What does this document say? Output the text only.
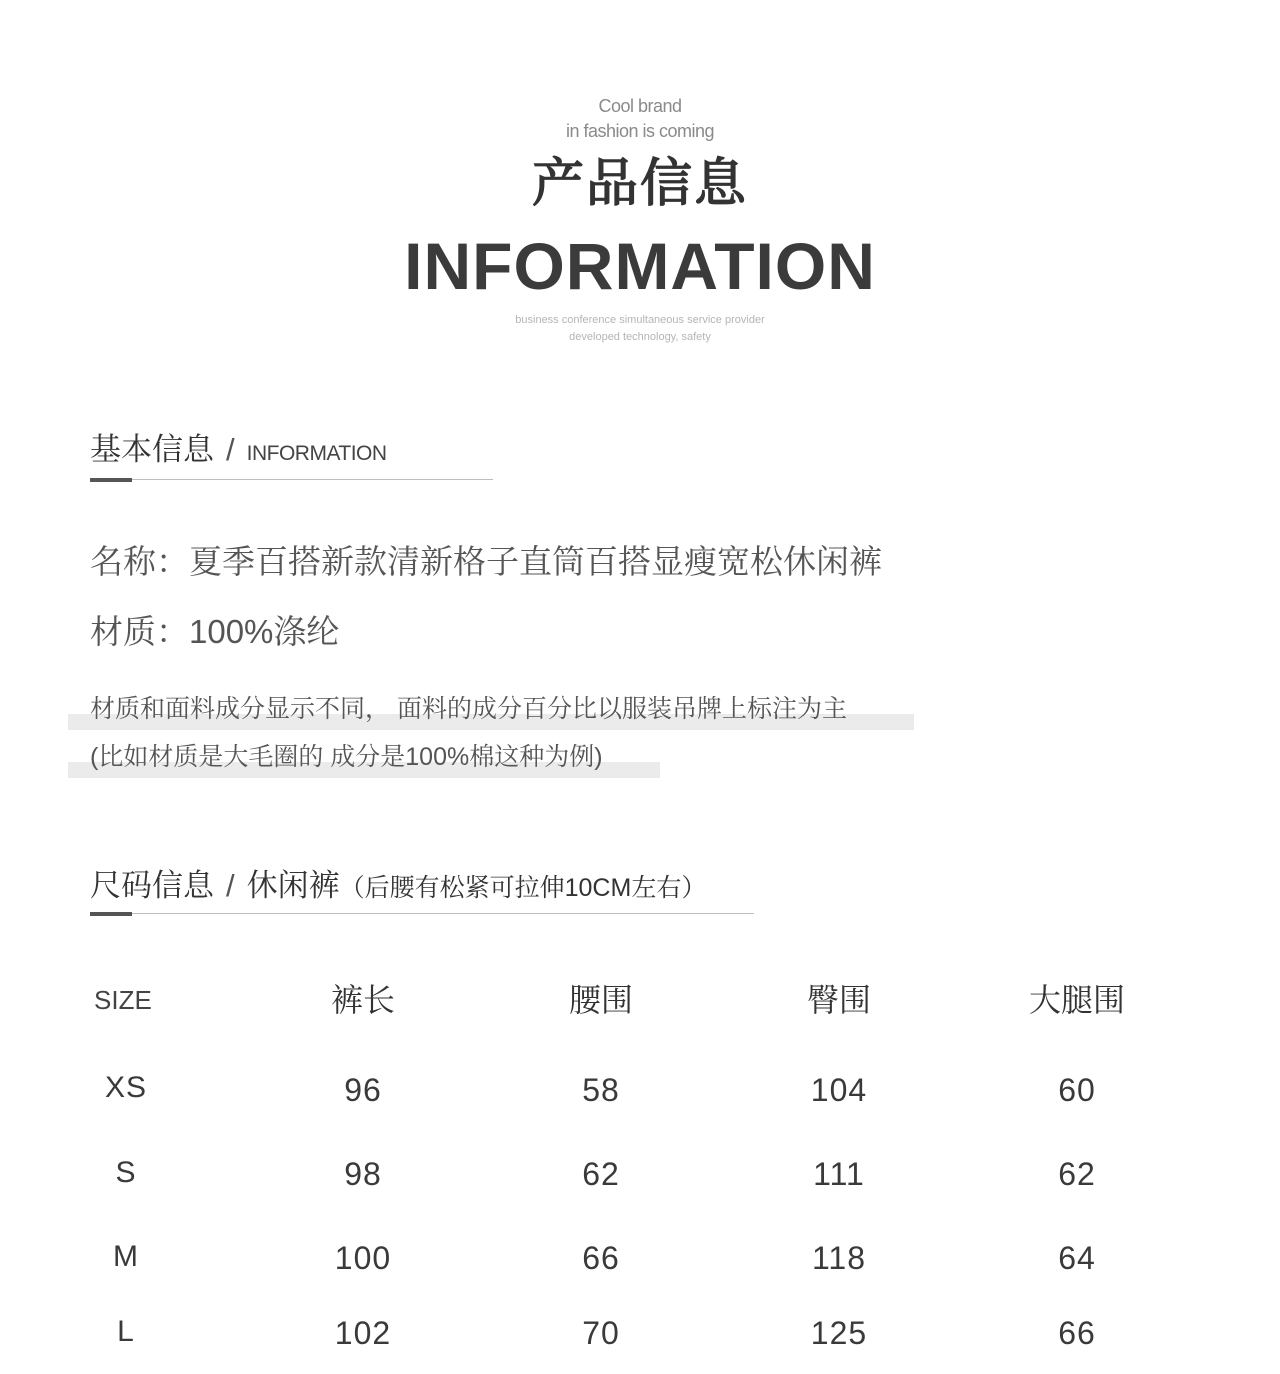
Cool brand
in fashion is coming
产品信息
INFORMATION
business conference simultaneous service provider
developed technology, safety
基本信息 / INFORMATION
名称：夏季百搭新款清新格子直筒百搭显瘦宽松休闲裤
材质：100%涤纶
材质和面料成分显示不同， 面料的成分百分比以服装吊牌上标注为主
(比如材质是大毛圈的 成分是100%棉这种为例)
尺码信息 / 休闲裤（后腰有松紧可拉伸10CM左右）
SIZE	裤长	腰围	臀围	大腿围
XS	96	58	104	60
S	98	62	111	62
M	100	66	118	64
L	102	70	125	66
